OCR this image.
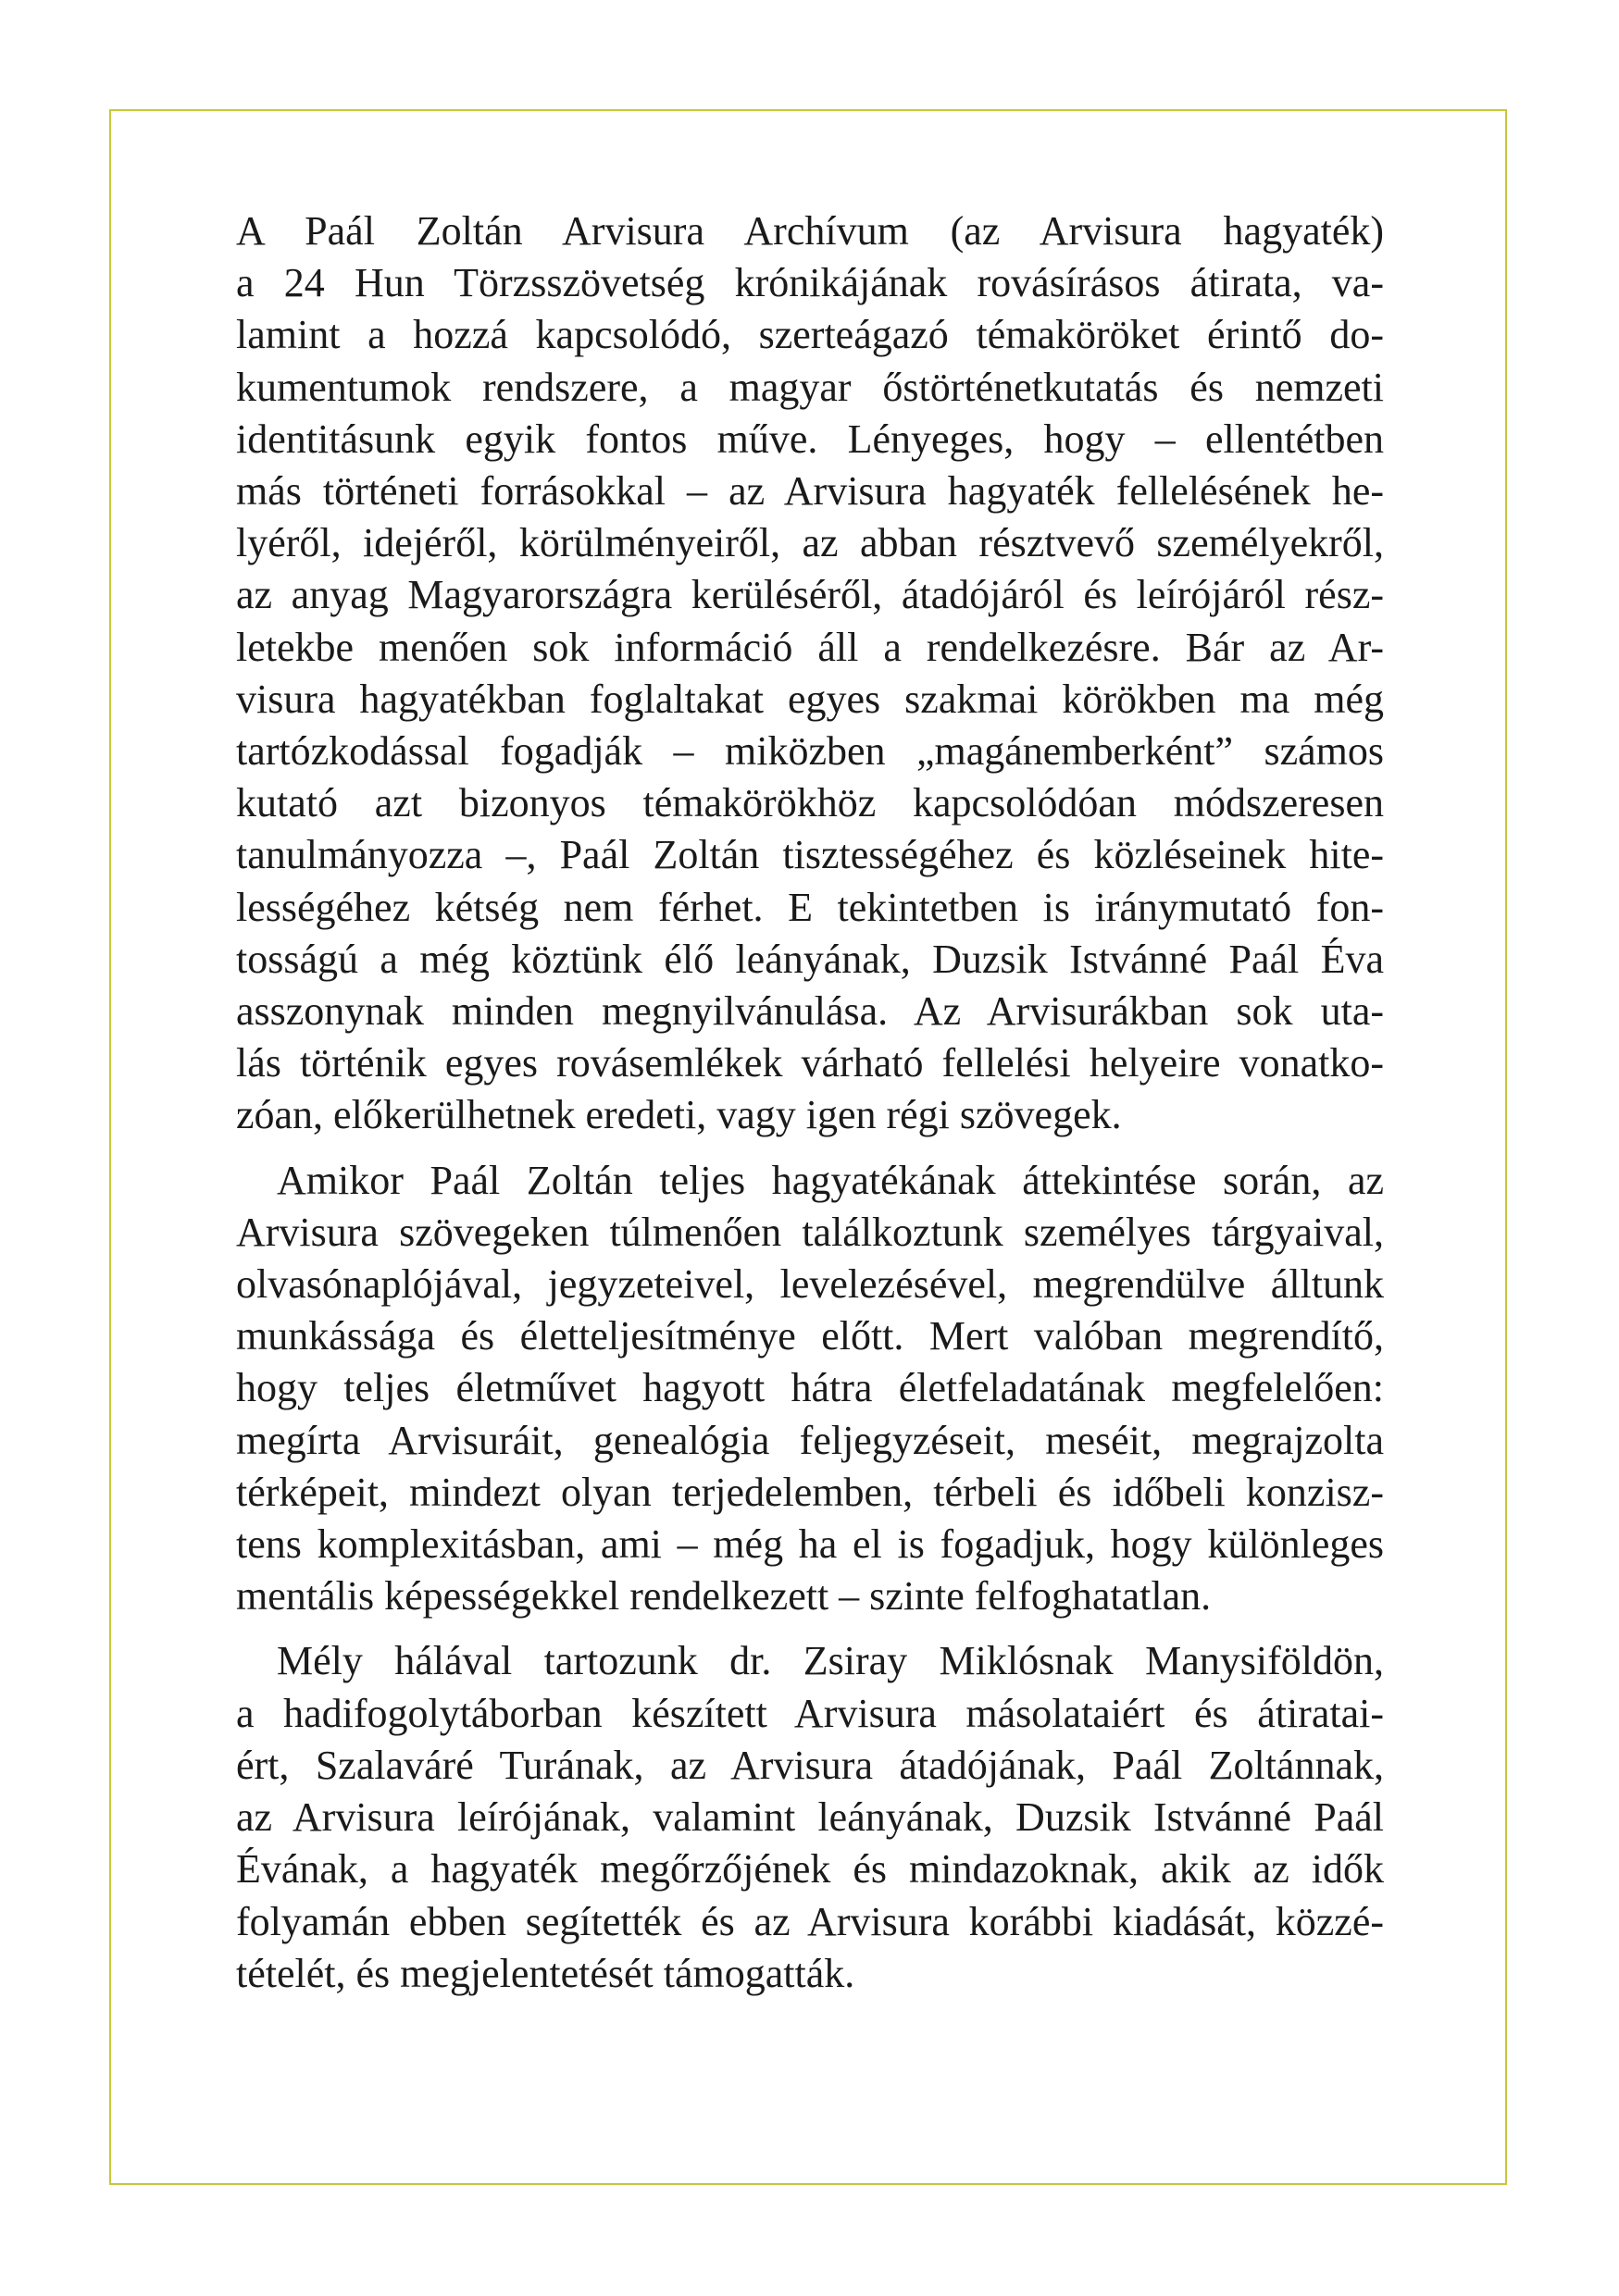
A Paál Zoltán Arvisura Archívum (az Arvisura hagyaték)
a 24 Hun Törzsszövetség krónikájának rovásírásos átirata, va-
lamint a hozzá kapcsolódó, szerteágazó témaköröket érintő do-
kumentumok rendszere, a magyar őstörténetkutatás és nemzeti
identitásunk egyik fontos műve. Lényeges, hogy – ellentétben
más történeti forrásokkal – az Arvisura hagyaték fellelésének he-
lyéről, idejéről, körülményeiről, az abban résztvevő személyekről,
az anyag Magyarországra kerüléséről, átadójáról és leírójáról rész-
letekbe menően sok információ áll a rendelkezésre. Bár az Ar-
visura hagyatékban foglaltakat egyes szakmai körökben ma még
tartózkodással fogadják – miközben „magánemberként” számos
kutató azt bizonyos témakörökhöz kapcsolódóan módszeresen
tanulmányozza –, Paál Zoltán tisztességéhez és közléseinek hite-
lességéhez kétség nem férhet. E tekintetben is iránymutató fon-
tosságú a még köztünk élő leányának, Duzsik Istvánné Paál Éva
asszonynak minden megnyilvánulása. Az Arvisurákban sok uta-
lás történik egyes rovásemlékek várható fellelési helyeire vonatko-
zóan, előkerülhetnek eredeti, vagy igen régi szövegek.
Amikor Paál Zoltán teljes hagyatékának áttekintése során, az
Arvisura szövegeken túlmenően találkoztunk személyes tárgyaival,
olvasónaplójával, jegyzeteivel, levelezésével, megrendülve álltunk
munkássága és életteljesítménye előtt. Mert valóban megrendítő,
hogy teljes életművet hagyott hátra életfeladatának megfelelően:
megírta Arvisuráit, genealógia feljegyzéseit, meséit, megrajzolta
térképeit, mindezt olyan terjedelemben, térbeli és időbeli konzisz-
tens komplexitásban, ami – még ha el is fogadjuk, hogy különleges
mentális képességekkel rendelkezett – szinte felfoghatatlan.
Mély hálával tartozunk dr. Zsiray Miklósnak Manysiföldön,
a hadifogolytáborban készített Arvisura másolataiért és átiratai-
ért, Szalaváré Turának, az Arvisura átadójának, Paál Zoltánnak,
az Arvisura leírójának, valamint leányának, Duzsik Istvánné Paál
Évának, a hagyaték megőrzőjének és mindazoknak, akik az idők
folyamán ebben segítették és az Arvisura korábbi kiadását, közzé-
tételét, és megjelentetését támogatták.
